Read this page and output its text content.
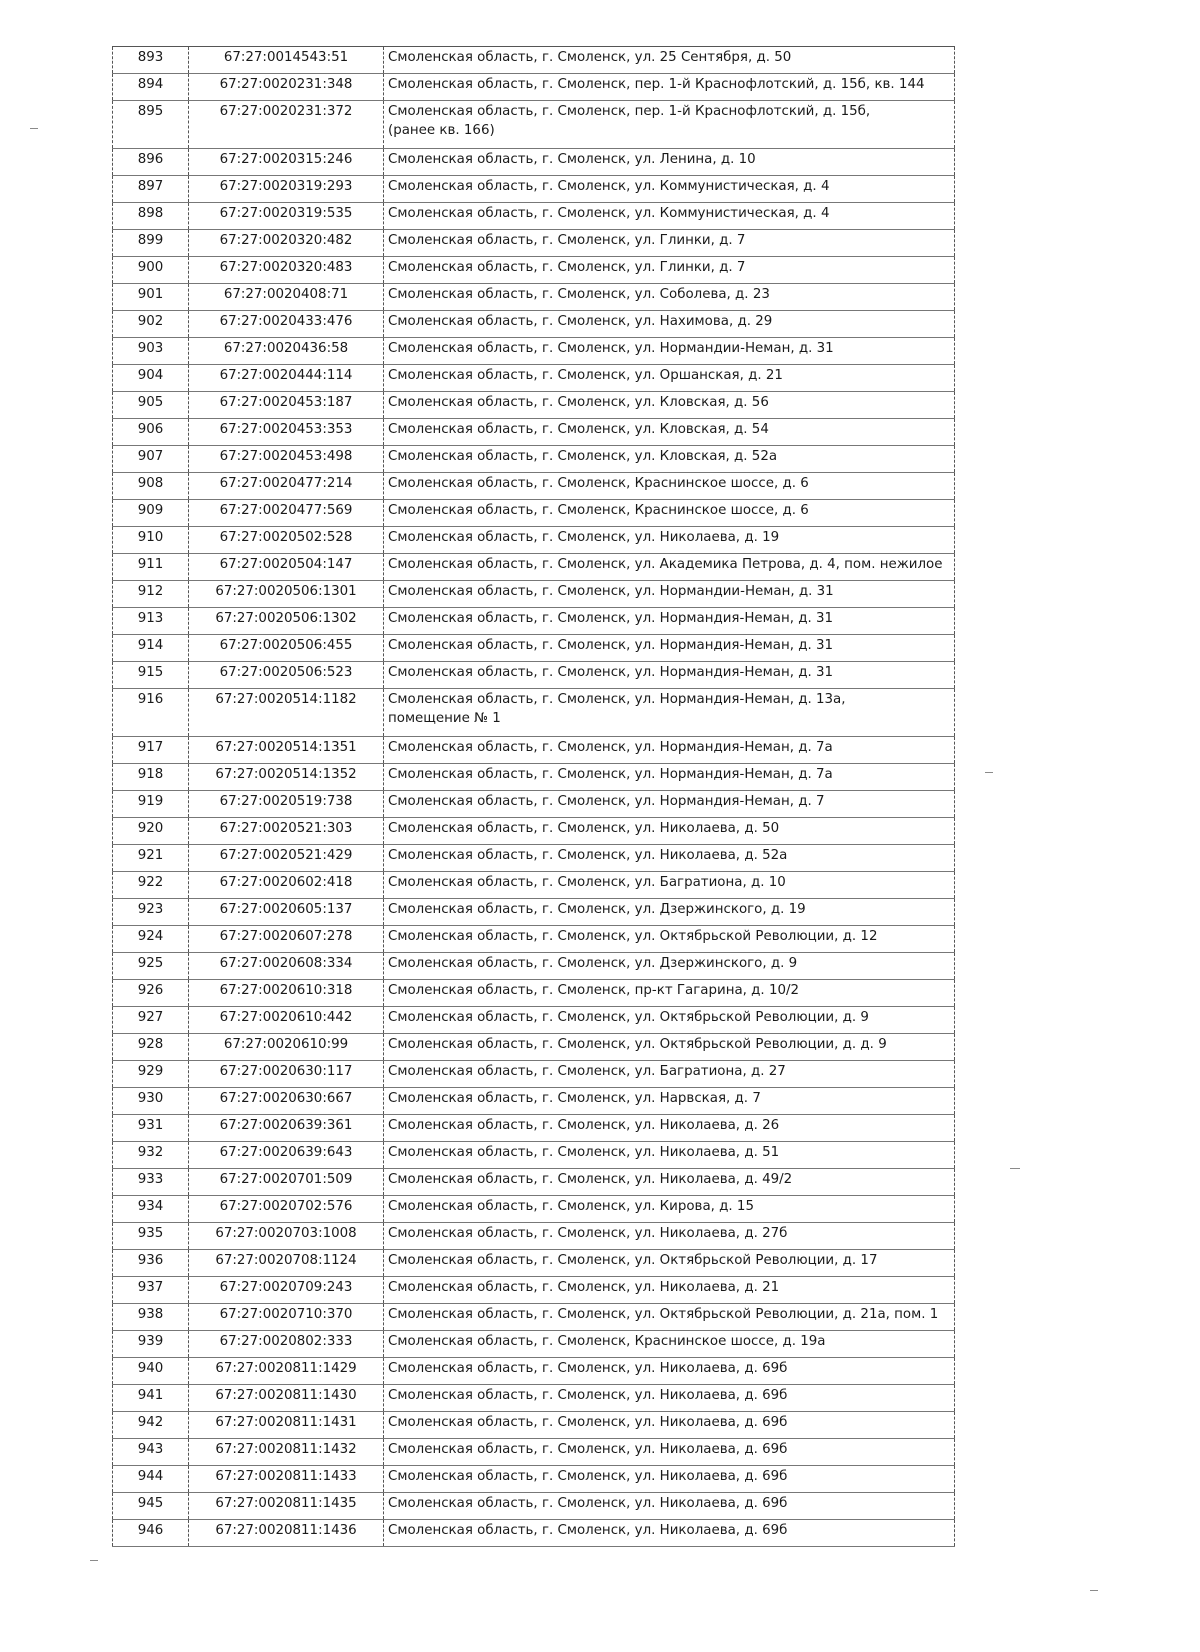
893	67:27:0014543:51	Смоленская область, г. Смоленск, ул. 25 Сентября, д. 50
894	67:27:0020231:348	Смоленская область, г. Смоленск, пер. 1-й Краснофлотский, д. 15б, кв. 144
895	67:27:0020231:372	Смоленская область, г. Смоленск, пер. 1-й Краснофлотский, д. 15б,
(ранее кв. 166)
896	67:27:0020315:246	Смоленская область, г. Смоленск, ул. Ленина, д. 10
897	67:27:0020319:293	Смоленская область, г. Смоленск, ул. Коммунистическая, д. 4
898	67:27:0020319:535	Смоленская область, г. Смоленск, ул. Коммунистическая, д. 4
899	67:27:0020320:482	Смоленская область, г. Смоленск, ул. Глинки, д. 7
900	67:27:0020320:483	Смоленская область, г. Смоленск, ул. Глинки, д. 7
901	67:27:0020408:71	Смоленская область, г. Смоленск, ул. Соболева, д. 23
902	67:27:0020433:476	Смоленская область, г. Смоленск, ул. Нахимова, д. 29
903	67:27:0020436:58	Смоленская область, г. Смоленск, ул. Нормандии-Неман, д. 31
904	67:27:0020444:114	Смоленская область, г. Смоленск, ул. Оршанская, д. 21
905	67:27:0020453:187	Смоленская область, г. Смоленск, ул. Кловская, д. 56
906	67:27:0020453:353	Смоленская область, г. Смоленск, ул. Кловская, д. 54
907	67:27:0020453:498	Смоленская область, г. Смоленск, ул. Кловская, д. 52а
908	67:27:0020477:214	Смоленская область, г. Смоленск, Краснинское шоссе, д. 6
909	67:27:0020477:569	Смоленская область, г. Смоленск, Краснинское шоссе, д. 6
910	67:27:0020502:528	Смоленская область, г. Смоленск, ул. Николаева, д. 19
911	67:27:0020504:147	Смоленская область, г. Смоленск, ул. Академика Петрова, д. 4, пом. нежилое
912	67:27:0020506:1301	Смоленская область, г. Смоленск, ул. Нормандии-Неман, д. 31
913	67:27:0020506:1302	Смоленская область, г. Смоленск, ул. Нормандия-Неман, д. 31
914	67:27:0020506:455	Смоленская область, г. Смоленск, ул. Нормандия-Неман, д. 31
915	67:27:0020506:523	Смоленская область, г. Смоленск, ул. Нормандия-Неман, д. 31
916	67:27:0020514:1182	Смоленская область, г. Смоленск, ул. Нормандия-Неман, д. 13а,
помещение № 1
917	67:27:0020514:1351	Смоленская область, г. Смоленск, ул. Нормандия-Неман, д. 7а
918	67:27:0020514:1352	Смоленская область, г. Смоленск, ул. Нормандия-Неман, д. 7а
919	67:27:0020519:738	Смоленская область, г. Смоленск, ул. Нормандия-Неман, д. 7
920	67:27:0020521:303	Смоленская область, г. Смоленск, ул. Николаева, д. 50
921	67:27:0020521:429	Смоленская область, г. Смоленск, ул. Николаева, д. 52а
922	67:27:0020602:418	Смоленская область, г. Смоленск, ул. Багратиона, д. 10
923	67:27:0020605:137	Смоленская область, г. Смоленск, ул. Дзержинского, д. 19
924	67:27:0020607:278	Смоленская область, г. Смоленск, ул. Октябрьской Революции, д. 12
925	67:27:0020608:334	Смоленская область, г. Смоленск, ул. Дзержинского, д. 9
926	67:27:0020610:318	Смоленская область, г. Смоленск, пр-кт Гагарина, д. 10/2
927	67:27:0020610:442	Смоленская область, г. Смоленск, ул. Октябрьской Революции, д. 9
928	67:27:0020610:99	Смоленская область, г. Смоленск, ул. Октябрьской Революции, д. д. 9
929	67:27:0020630:117	Смоленская область, г. Смоленск, ул. Багратиона, д. 27
930	67:27:0020630:667	Смоленская область, г. Смоленск, ул. Нарвская, д. 7
931	67:27:0020639:361	Смоленская область, г. Смоленск, ул. Николаева, д. 26
932	67:27:0020639:643	Смоленская область, г. Смоленск, ул. Николаева, д. 51
933	67:27:0020701:509	Смоленская область, г. Смоленск, ул. Николаева, д. 49/2
934	67:27:0020702:576	Смоленская область, г. Смоленск, ул. Кирова, д. 15
935	67:27:0020703:1008	Смоленская область, г. Смоленск, ул. Николаева, д. 27б
936	67:27:0020708:1124	Смоленская область, г. Смоленск, ул. Октябрьской Революции, д. 17
937	67:27:0020709:243	Смоленская область, г. Смоленск, ул. Николаева, д. 21
938	67:27:0020710:370	Смоленская область, г. Смоленск, ул. Октябрьской Революции, д. 21а, пом. 1
939	67:27:0020802:333	Смоленская область, г. Смоленск, Краснинское шоссе, д. 19а
940	67:27:0020811:1429	Смоленская область, г. Смоленск, ул. Николаева, д. 69б
941	67:27:0020811:1430	Смоленская область, г. Смоленск, ул. Николаева, д. 69б
942	67:27:0020811:1431	Смоленская область, г. Смоленск, ул. Николаева, д. 69б
943	67:27:0020811:1432	Смоленская область, г. Смоленск, ул. Николаева, д. 69б
944	67:27:0020811:1433	Смоленская область, г. Смоленск, ул. Николаева, д. 69б
945	67:27:0020811:1435	Смоленская область, г. Смоленск, ул. Николаева, д. 69б
946	67:27:0020811:1436	Смоленская область, г. Смоленск, ул. Николаева, д. 69б
